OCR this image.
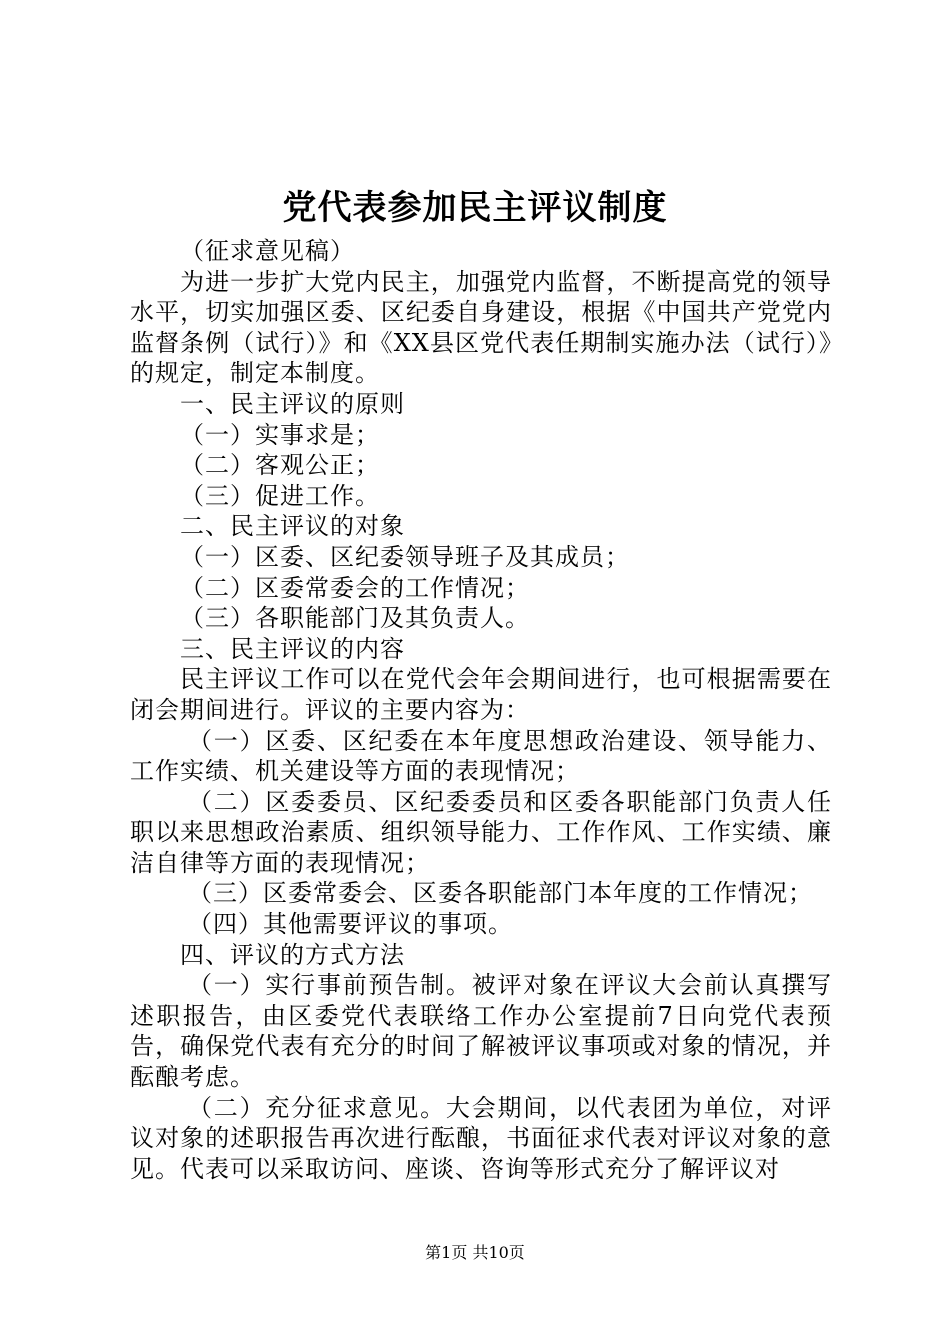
党代表参加民主评议制度

（征求意见稿）

为进一步扩大党内民主，加强党内监督，不断提高党的领导水平，切实加强区委、区纪委自身建设，根据《中国共产党党内监督条例（试行）》和《XX县区党代表任期制实施办法（试行）》的规定，制定本制度。

一、民主评议的原则

（一）实事求是；

（二）客观公正；

（三）促进工作。

二、民主评议的对象

（一）区委、区纪委领导班子及其成员；

（二）区委常委会的工作情况；

（三）各职能部门及其负责人。

三、民主评议的内容

民主评议工作可以在党代会年会期间进行，也可根据需要在闭会期间进行。评议的主要内容为：

（一）区委、区纪委在本年度思想政治建设、领导能力、工作实绩、机关建设等方面的表现情况；

（二）区委委员、区纪委委员和区委各职能部门负责人任职以来思想政治素质、组织领导能力、工作作风、工作实绩、廉洁自律等方面的表现情况；

（三）区委常委会、区委各职能部门本年度的工作情况；

（四）其他需要评议的事项。

四、评议的方式方法

（一）实行事前预告制。被评对象在评议大会前认真撰写述职报告，由区委党代表联络工作办公室提前7日向党代表预告，确保党代表有充分的时间了解被评议事项或对象的情况，并酝酿考虑。

（二）充分征求意见。大会期间，以代表团为单位，对评议对象的述职报告再次进行酝酿，书面征求代表对评议对象的意见。代表可以采取访问、座谈、咨询等形式充分了解评议对

第1页 共10页
